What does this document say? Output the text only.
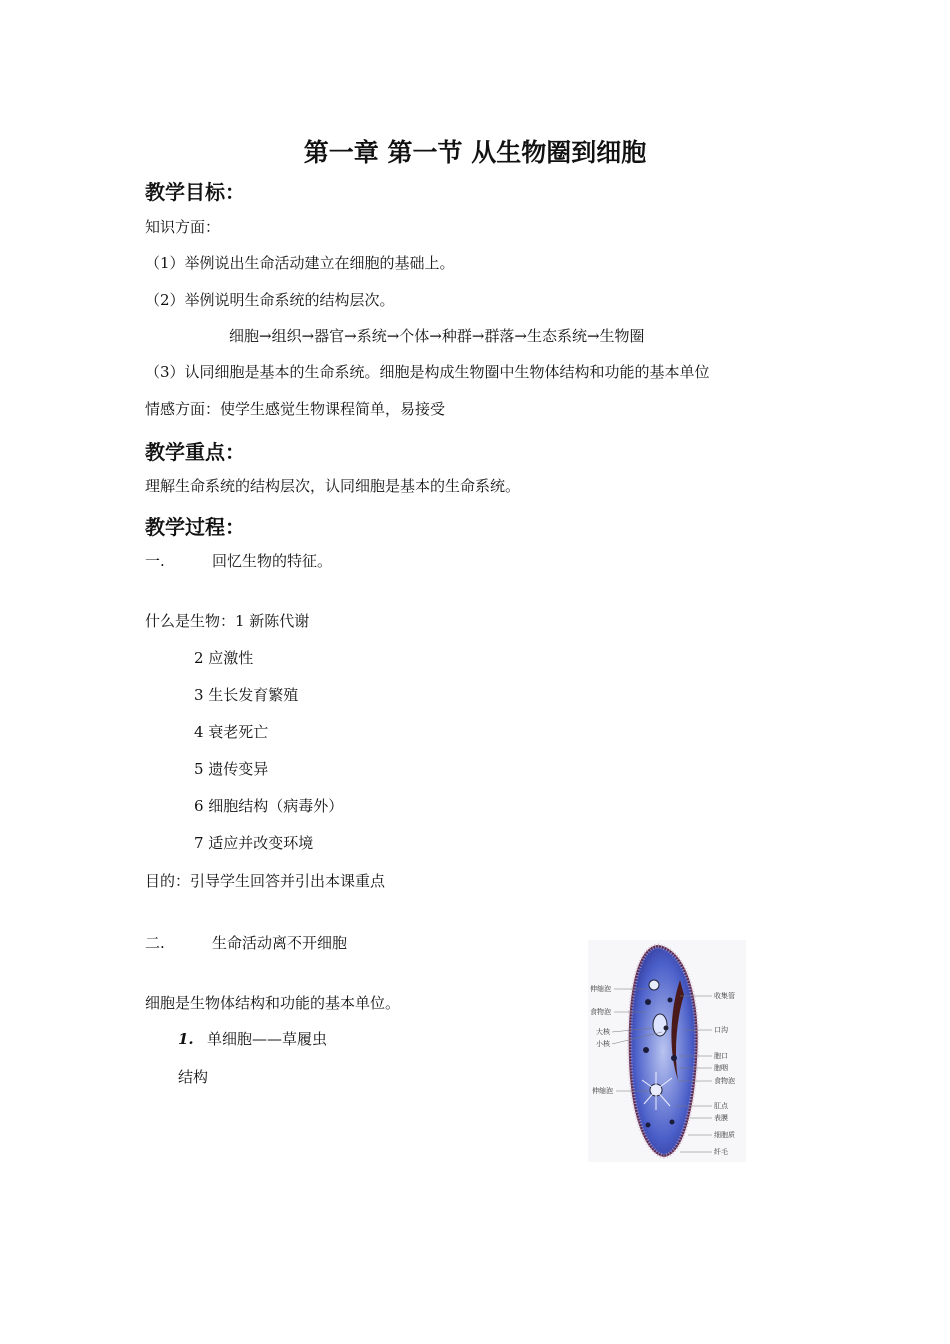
第一章 第一节 从生物圈到细胞
教学目标：
知识方面：
（1）举例说出生命活动建立在细胞的基础上。
（2）举例说明生命系统的结构层次。
细胞→组织→器官→系统→个体→种群→群落→生态系统→生物圈
（3）认同细胞是基本的生命系统。细胞是构成生物圈中生物体结构和功能的基本单位
情感方面：使学生感觉生物课程简单，易接受
教学重点：
理解生命系统的结构层次，认同细胞是基本的生命系统。
教学过程：
一.	回忆生物的特征。
什么是生物：1 新陈代谢
2 应激性
3 生长发育繁殖
4 衰老死亡
5 遗传变异
6 细胞结构（病毒外）
7 适应并改变环境
目的：引导学生回答并引出本课重点
二.	生命活动离不开细胞
细胞是生物体结构和功能的基本单位。
1. 单细胞——草履虫
结构
伸缩泡
食物泡
大核
小核
伸缩泡
收集管
口沟
胞口
胞咽
食物泡
肛点
表膜
细胞质
纤毛
